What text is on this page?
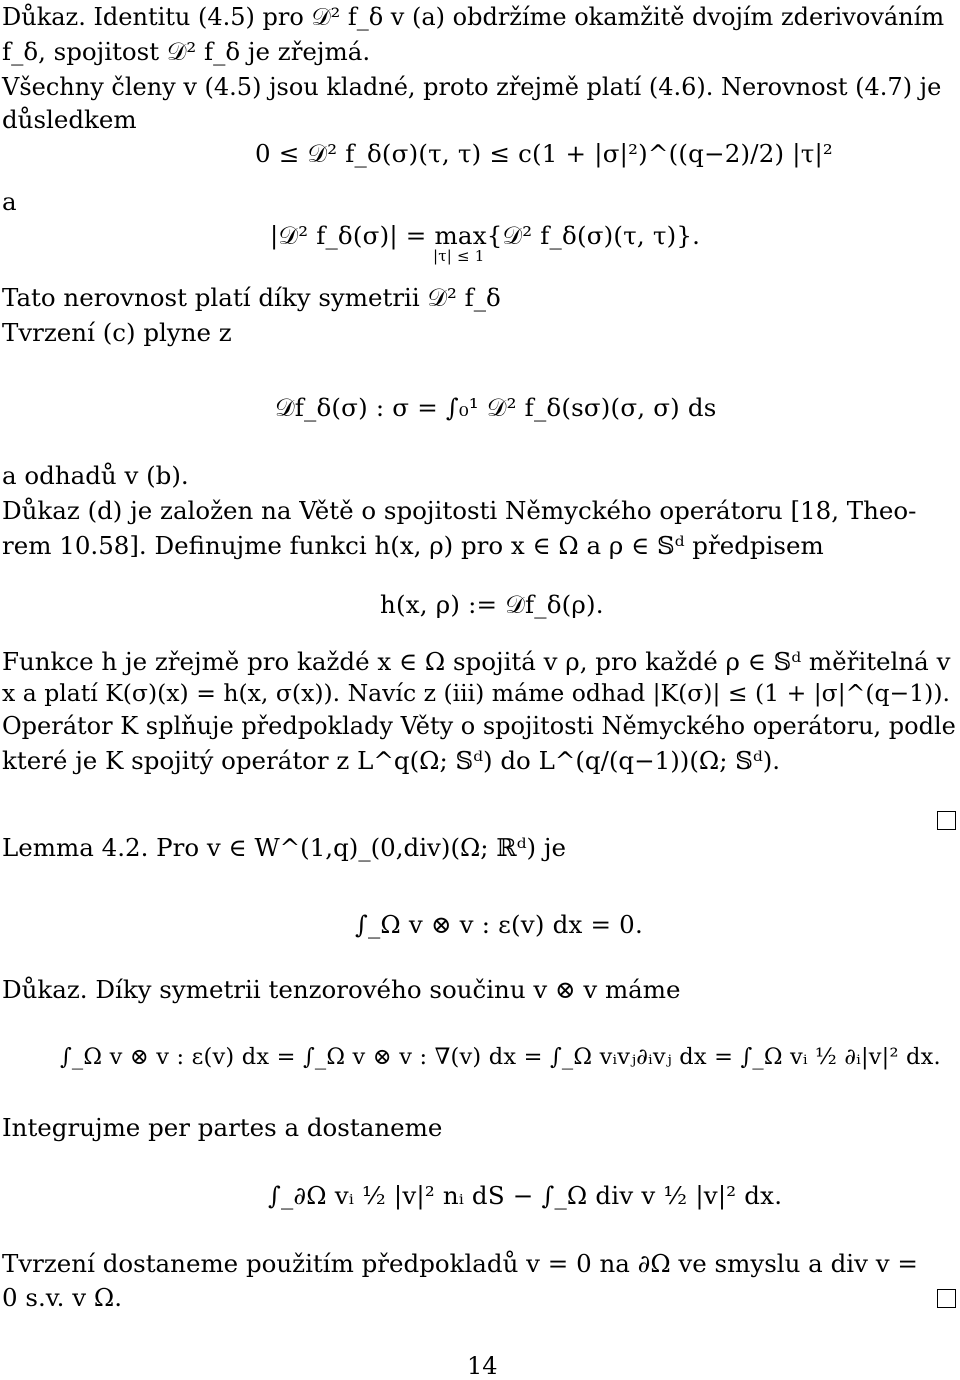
Důkaz. Identitu (4.5) pro 𝒟² f_δ v (a) obdržíme okamžitě dvojím zderivováním

f_δ, spojitost 𝒟² f_δ je zřejmá.

Všechny členy v (4.5) jsou kladné, proto zřejmě platí (4.6). Nerovnost (4.7) je

důsledkem

0 ≤ 𝒟² f_δ(σ)(τ, τ) ≤ c(1 + |σ|²)^((q−2)/2) |τ|²

a

|𝒟² f_δ(σ)| = max{𝒟² f_δ(σ)(τ, τ)}.

|τ| ≤ 1

Tato nerovnost platí díky symetrii 𝒟² f_δ

Tvrzení (c) plyne z

𝒟f_δ(σ) : σ = ∫₀¹ 𝒟² f_δ(sσ)(σ, σ) ds

a odhadů v (b).

Důkaz (d) je založen na Větě o spojitosti Němyckého operátoru [18, Theo-

rem 10.58]. Definujme funkci h(x, ρ) pro x ∈ Ω a ρ ∈ 𝕊ᵈ předpisem

h(x, ρ) := 𝒟f_δ(ρ).

Funkce h je zřejmě pro každé x ∈ Ω spojitá v ρ, pro každé ρ ∈ 𝕊ᵈ měřitelná v

x a platí K(σ)(x) = h(x, σ(x)). Navíc z (iii) máme odhad |K(σ)| ≤ (1 + |σ|^(q−1)).

Operátor K splňuje předpoklady Věty o spojitosti Němyckého operátoru, podle

které je K spojitý operátor z L^q(Ω; 𝕊ᵈ) do L^(q/(q−1))(Ω; 𝕊ᵈ).

Lemma 4.2. Pro v ∈ W^(1,q)_(0,div)(Ω; ℝᵈ) je

∫_Ω v ⊗ v : ε(v) dx = 0.

Důkaz. Díky symetrii tenzorového součinu v ⊗ v máme

∫_Ω v ⊗ v : ε(v) dx = ∫_Ω v ⊗ v : ∇(v) dx = ∫_Ω vᵢvⱼ∂ᵢvⱼ dx = ∫_Ω vᵢ ½ ∂ᵢ|v|² dx.

Integrujme per partes a dostaneme

∫_∂Ω vᵢ ½ |v|² nᵢ dS − ∫_Ω div v ½ |v|² dx.

Tvrzení dostaneme použitím předpokladů v = 0 na ∂Ω ve smyslu a div v =

0 s.v. v Ω.

14
